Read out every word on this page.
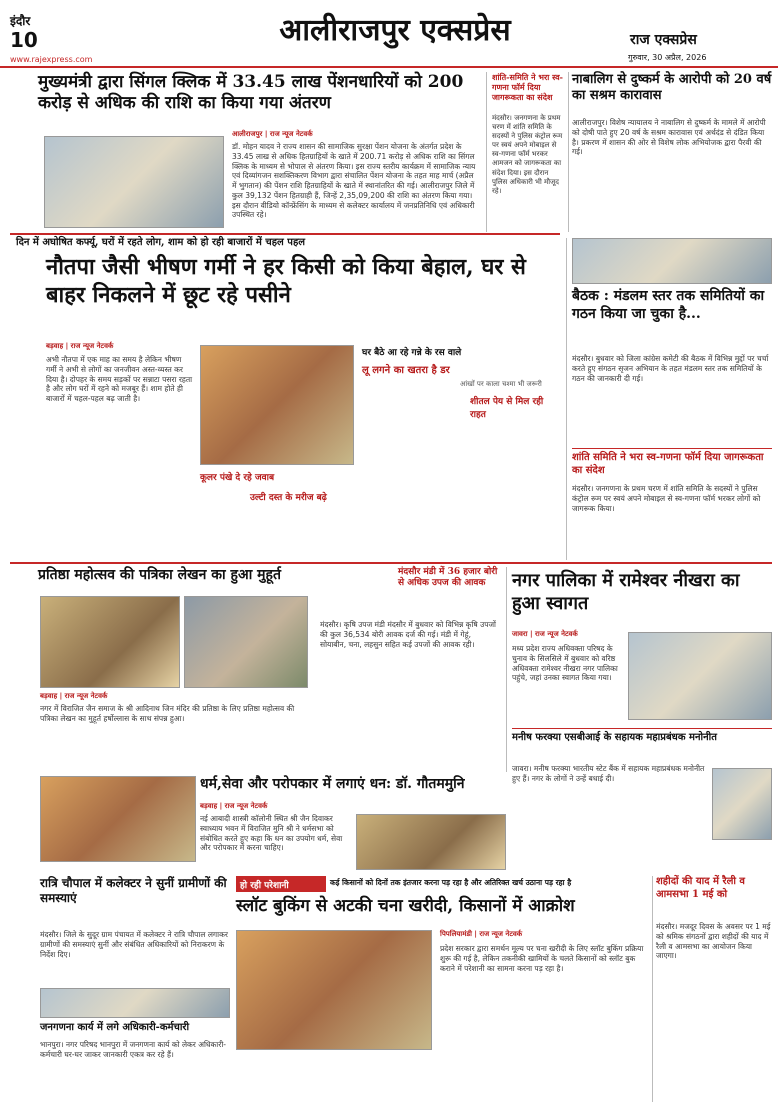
इंदौर
10
www.rajexpress.com
आलीराजपुर एक्सप्रेस	राज एक्सप्रेस
गुरुवार, 30 अप्रैल, 2026
मुख्यमंत्री द्वारा सिंगल क्लिक में 33.45 लाख पेंशनधारियों को 200 करोड़ से अधिक की राशि का किया गया अंतरण
आलीराजपुर | राज न्यूज नेटवर्क
डॉ. मोहन यादव ने राज्य शासन की सामाजिक सुरक्षा पेंशन योजना के अंतर्गत प्रदेश के 33.45 लाख से अधिक हितग्राहियों के खाते में 200.71 करोड़ से अधिक राशि का सिंगल क्लिक के माध्यम से भोपाल से अंतरण किया। इस राज्य स्तरीय कार्यक्रम में सामाजिक न्याय एवं दिव्यांगजन सशक्तिकरण विभाग द्वारा संचालित पेंशन योजना के तहत माह मार्च (अप्रैल में भुगतान) की पेंशन राशि हितग्राहियों के खाते में स्थानांतरित की गई। आलीराजपुर जिले में कुल 39,132 पेंशन हितग्राही हैं, जिन्हें 2,35,09,200 की राशि का अंतरण किया गया। इस दौरान वीडियो कॉन्फ्रेंसिंग के माध्यम से कलेक्टर कार्यालय में जनप्रतिनिधि एवं अधिकारी उपस्थित रहे।
शांति-समिति ने भरा स्व-गणना फॉर्म दिया जागरूकता का संदेश
मंदसौर। जनगणना के प्रथम चरण में शांति समिति के सदस्यों ने पुलिस कंट्रोल रूम पर स्वयं अपने मोबाइल से स्व-गणना फॉर्म भरकर आमजन को जागरूकता का संदेश दिया। इस दौरान पुलिस अधिकारी भी मौजूद रहे।
नाबालिग से दुष्कर्म के आरोपी को 20 वर्ष का सश्रम कारावास
आलीराजपुर। विशेष न्यायालय ने नाबालिग से दुष्कर्म के मामले में आरोपी को दोषी पाते हुए 20 वर्ष के सश्रम कारावास एवं अर्थदंड से दंडित किया है। प्रकरण में शासन की ओर से विशेष लोक अभियोजक द्वारा पैरवी की गई।
दिन में अघोषित कर्फ्यू, घरों में रहते लोग, शाम को हो रही बाजारों में चहल पहल
नौतपा जैसी भीषण गर्मी ने हर किसी को किया बेहाल, घर से बाहर निकलने में छूट रहे पसीने
बड़वाह | राज न्यूज नेटवर्क
अभी नौतपा में एक माह का समय है लेकिन भीषण गर्मी ने अभी से लोगों का जनजीवन अस्त-व्यस्त कर दिया है। दोपहर के समय सड़कों पर सन्नाटा पसरा रहता है और लोग घरों में रहने को मजबूर हैं। शाम होते ही बाजारों में चहल-पहल बढ़ जाती है।
कूलर पंखे दे रहे जवाब
उल्टी दस्त के मरीज बढ़े
घर बैठे आ रहे गन्ने के रस वाले
लू लगने का खतरा है डर
आंखों पर काला चश्मा भी जरूरी
शीतल पेय से मिल रही राहत
बैठक : मंडलम स्तर तक समितियों का गठन किया जा चुका है...
मंदसौर। बुधवार को जिला कांग्रेस कमेटी की बैठक में विभिन्न मुद्दों पर चर्चा करते हुए संगठन सृजन अभियान के तहत मंडलम स्तर तक समितियों के गठन की जानकारी दी गई।
शांति समिति ने भरा स्व-गणना फॉर्म दिया जागरूकता का संदेश
मंदसौर। जनगणना के प्रथम चरण में शांति समिति के सदस्यों ने पुलिस कंट्रोल रूम पर स्वयं अपने मोबाइल से स्व-गणना फॉर्म भरकर लोगों को जागरूक किया।
प्रतिष्ठा महोत्सव की पत्रिका लेखन का हुआ मुहूर्त
बड़वाह | राज न्यूज नेटवर्क
नगर में विराजित जैन समाज के श्री आदिनाथ जिन मंदिर की प्रतिष्ठा के लिए प्रतिष्ठा महोत्सव की पत्रिका लेखन का मुहूर्त हर्षोल्लास के साथ संपन्न हुआ।
मंदसौर मंडी में 36 हजार बोरी से अधिक उपज की आवक
मंदसौर। कृषि उपज मंडी मंदसौर में बुधवार को विभिन्न कृषि उपजों की कुल 36,534 बोरी आवक दर्ज की गई। मंडी में गेहूं, सोयाबीन, चना, लहसुन सहित कई उपजों की आवक रही।
नगर पालिका में रामेश्वर नीखरा का हुआ स्वागत
जावरा | राज न्यूज नेटवर्क
मध्य प्रदेश राज्य अधिवक्ता परिषद के चुनाव के सिलसिले में बुधवार को वरिष्ठ अधिवक्ता रामेश्वर नीखरा नगर पालिका पहुंचे, जहां उनका स्वागत किया गया।
मनीष फरक्या एसबीआई के सहायक महाप्रबंधक मनोनीत
जावरा। मनीष फरक्या भारतीय स्टेट बैंक में सहायक महाप्रबंधक मनोनीत हुए हैं। नगर के लोगों ने उन्हें बधाई दी।
धर्म,सेवा और परोपकार में लगाएं धन: डॉ. गौतममुनि
बड़वाह | राज न्यूज नेटवर्क
नई आबादी शास्त्री कॉलोनी स्थित श्री जैन दिवाकर स्वाध्याय भवन में विराजित मुनि श्री ने धर्मसभा को संबोधित करते हुए कहा कि धन का उपयोग धर्म, सेवा और परोपकार में करना चाहिए।
रात्रि चौपाल में कलेक्टर ने सुनीं ग्रामीणों की समस्याएं
मंदसौर। जिले के सुदूर ग्राम पंचायत में कलेक्टर ने रात्रि चौपाल लगाकर ग्रामीणों की समस्याएं सुनीं और संबंधित अधिकारियों को निराकरण के निर्देश दिए।
जनगणना कार्य में लगे अधिकारी-कर्मचारी
भानपुरा। नगर परिषद भानपुरा में जनगणना कार्य को लेकर अधिकारी-कर्मचारी घर-घर जाकर जानकारी एकत्र कर रहे हैं।
हो रही परेशानी	कई किसानों को दिनों तक इंतजार करना पड़ रहा है और अतिरिक्त खर्च उठाना पड़ रहा है
स्लॉट बुकिंग से अटकी चना खरीदी, किसानों में आक्रोश
पिपलियामंडी | राज न्यूज नेटवर्क
प्रदेश सरकार द्वारा समर्थन मूल्य पर चना खरीदी के लिए स्लॉट बुकिंग प्रक्रिया शुरू की गई है, लेकिन तकनीकी खामियों के चलते किसानों को स्लॉट बुक कराने में परेशानी का सामना करना पड़ रहा है।
शहीदों की याद में रैली व आमसभा 1 मई को
मंदसौर। मजदूर दिवस के अवसर पर 1 मई को श्रमिक संगठनों द्वारा शहीदों की याद में रैली व आमसभा का आयोजन किया जाएगा।
